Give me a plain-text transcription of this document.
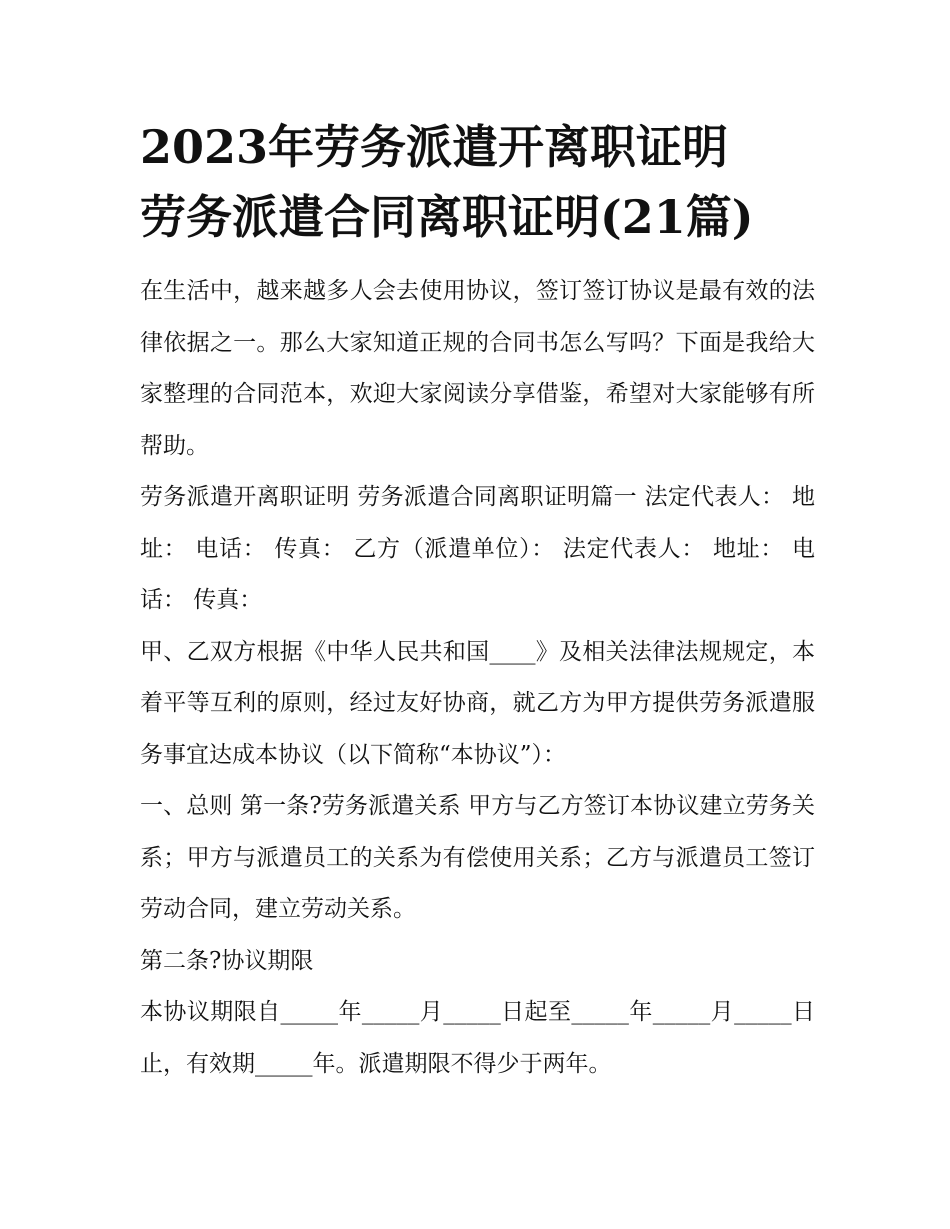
2023年劳务派遣开离职证明
劳务派遣合同离职证明(21篇)

在生活中，越来越多人会去使用协议，签订签订协议是最有效的法律依据之一。那么大家知道正规的合同书怎么写吗？下面是我给大家整理的合同范本，欢迎大家阅读分享借鉴，希望对大家能够有所帮助。

劳务派遣开离职证明 劳务派遣合同离职证明篇一 法定代表人： 地址： 电话： 传真： 乙方（派遣单位）： 法定代表人： 地址： 电话： 传真：

甲、乙双方根据《中华人民共和国____》及相关法律法规规定，本着平等互利的原则，经过友好协商，就乙方为甲方提供劳务派遣服务事宜达成本协议（以下简称“本协议”）：

一、总则 第一条?劳务派遣关系 甲方与乙方签订本协议建立劳务关系；甲方与派遣员工的关系为有偿使用关系；乙方与派遣员工签订劳动合同，建立劳动关系。

第二条?协议期限

本协议期限自_____年_____月_____日起至_____年_____月_____日止，有效期_____年。派遣期限不得少于两年。
